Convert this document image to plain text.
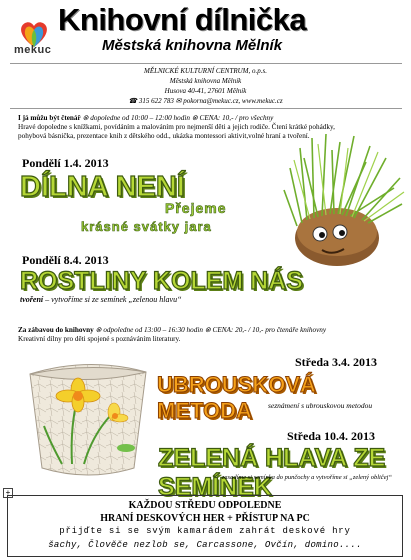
mekuc
Knihovní dílnička
Městská knihovna Mělník
MĚLNICKÉ KULTURNÍ CENTRUM, o.p.s.
Městská knihovna Mělník
Husova 40-41, 27601 Mělník
☎ 315 622 783 ✉ pokorna@mekuc.cz, www.mekuc.cz
I já můžu být čtenář ⊗ dopoledne od 10:00 – 12:00 hodin ⊗ CENA: 10,- / pro všechny
Hravé dopoledne s knížkami, povídáním a malováním pro nejmenší děti a jejich rodiče. Čtení krátké pohádky,
pohybová básnička, prezentace knih z dětského odd., ukázka montessori aktivit,volné hraní a tvoření.
Pondělí 1.4. 2013
DÍLNA NENÍ
Přejeme
krásné svátky jara
Pondělí 8.4. 2013
ROSTLINY KOLEM NÁS
tvoření – vytvoříme si ze semínek „zelenou hlavu“
Za zábavou do knihovny ⊗ odpoledne od 13:00 – 16:30 hodin ⊗ CENA: 20,- / 10,- pro čtenáře knihovny
Kreativní dílny pro děti spojené s poznáváním literatury.
Středa 3.4. 2013
UBROUSKOVÁ METODA	seznámení s ubrouskovou metodou
Středa 10.4. 2013
ZELENÁ HLAVA ZE SEMÍNEK
zasadíme si semínka do punčochy a vytvoříme si „zelený obličej“
+
KAŽDOU STŘEDU ODPOLEDNE
HRANÍ DESKOVÝCH HER + PŘÍSTUP NA PC
přijďte si se svým kamarádem zahrát deskové hry
šachy, Člověče nezlob se, Carcassone, Ovčín, domino....
